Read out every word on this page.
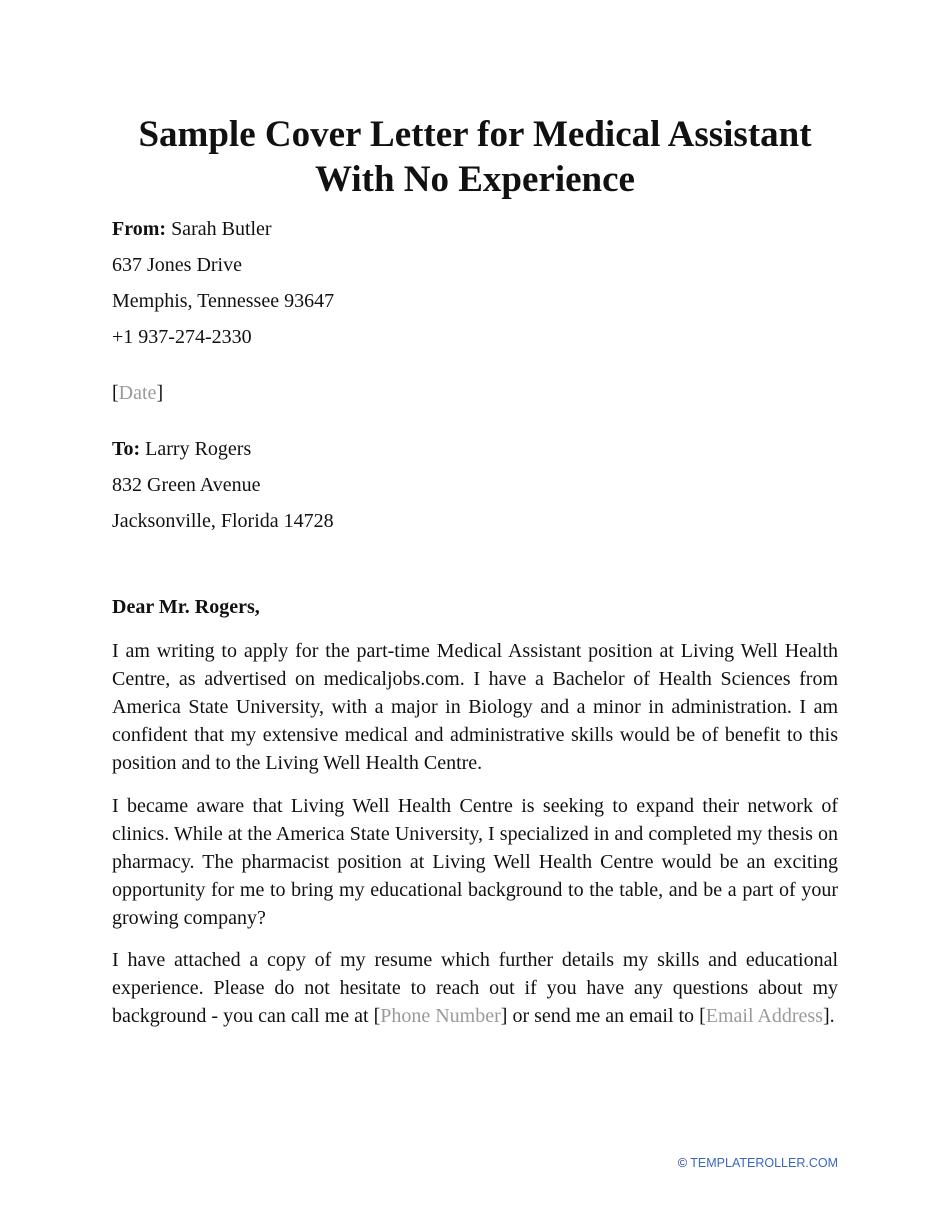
Sample Cover Letter for Medical Assistant
With No Experience
From: Sarah Butler
637 Jones Drive
Memphis, Tennessee 93647
+1 937-274-2330
[Date]
To: Larry Rogers
832 Green Avenue
Jacksonville, Florida 14728
Dear Mr. Rogers,

I am writing to apply for the part-time Medical Assistant position at Living Well Health Centre, as advertised on medicaljobs.com. I have a Bachelor of Health Sciences from America State University, with a major in Biology and a minor in administration. I am confident that my extensive medical and administrative skills would be of benefit to this position and to the Living Well Health Centre.

I became aware that Living Well Health Centre is seeking to expand their network of clinics. While at the America State University, I specialized in and completed my thesis on pharmacy. The pharmacist position at Living Well Health Centre would be an exciting opportunity for me to bring my educational background to the table, and be a part of your growing company?

I have attached a copy of my resume which further details my skills and educational experience. Please do not hesitate to reach out if you have any questions about my background - you can call me at [Phone Number] or send me an email to [Email Address].

© TEMPLATEROLLER.COM
